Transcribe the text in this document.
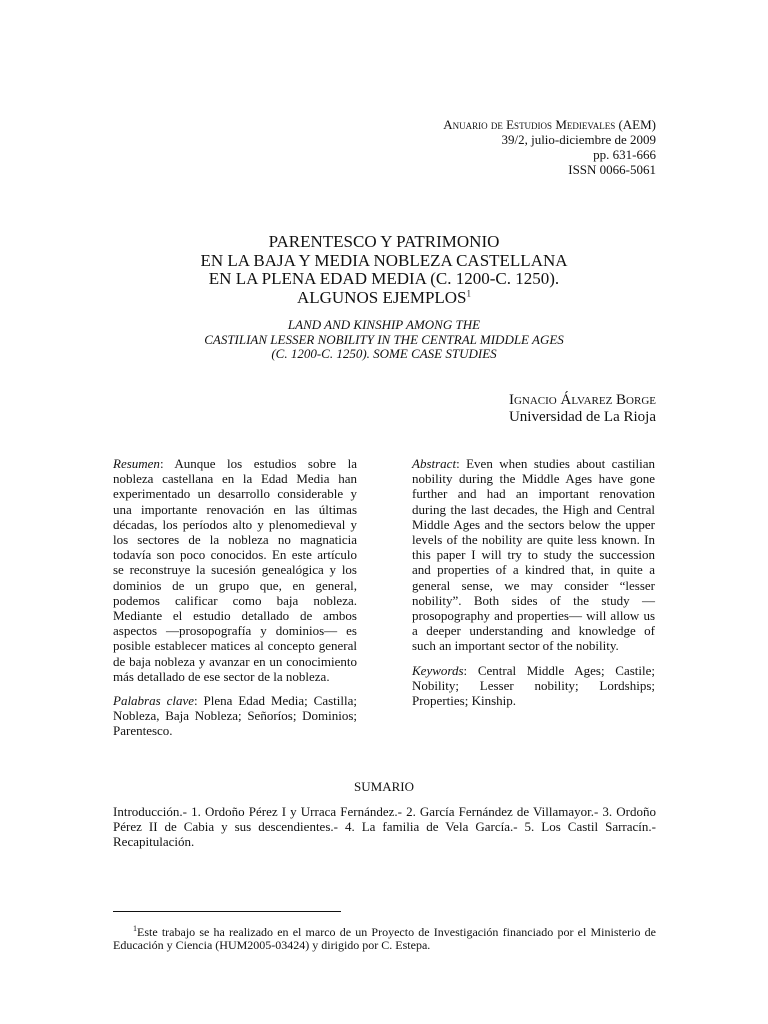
Anuario de Estudios Medievales (AEM)
39/2, julio-diciembre de 2009
pp. 631-666
ISSN 0066-5061
PARENTESCO Y PATRIMONIO
EN LA BAJA Y MEDIA NOBLEZA CASTELLANA
EN LA PLENA EDAD MEDIA (C. 1200-C. 1250).
ALGUNOS EJEMPLOS$^1$
LAND AND KINSHIP AMONG THE
CASTILIAN LESSER NOBILITY IN THE CENTRAL MIDDLE AGES
(C. 1200-C. 1250). SOME CASE STUDIES
Ignacio Álvarez Borge
Universidad de La Rioja

Resumen: Aunque los estudios sobre la nobleza castellana en la Edad Media han experimentado un desarrollo considerable y una importante renovación en las últimas décadas, los períodos alto y plenomedieval y los sectores de la nobleza no magnaticia todavía son poco conocidos. En este artículo se reconstruye la sucesión genealógica y los dominios de un grupo que, en general, podemos calificar como baja nobleza. Mediante el estudio detallado de ambos aspectos —prosopografía y dominios— es posible establecer matices al concepto general de baja nobleza y avanzar en un conocimiento más detallado de ese sector de la nobleza.

Palabras clave: Plena Edad Media; Castilla; Nobleza, Baja Nobleza; Señoríos; Dominios; Parentesco.

Abstract: Even when studies about castilian nobility during the Middle Ages have gone further and had an important renovation during the last decades, the High and Central Middle Ages and the sectors below the upper levels of the nobility are quite less known. In this paper I will try to study the succession and properties of a kindred that, in quite a general sense, we may consider “lesser nobility”. Both sides of the study —prosopography and properties— will allow us a deeper understanding and knowledge of such an important sector of the nobility.

Keywords: Central Middle Ages; Castile; Nobility; Lesser nobility; Lordships; Properties; Kinship.

SUMARIO
Introducción.- 1. Ordoño Pérez I y Urraca Fernández.- 2. García Fernández de Villamayor.- 3. Ordoño Pérez II de Cabia y sus descendientes.- 4. La familia de Vela García.- 5. Los Castil Sarracín.- Recapitulación.
$^1$Este trabajo se ha realizado en el marco de un Proyecto de Investigación financiado por el Ministerio de Educación y Ciencia (HUM2005-03424) y dirigido por C. Estepa.
